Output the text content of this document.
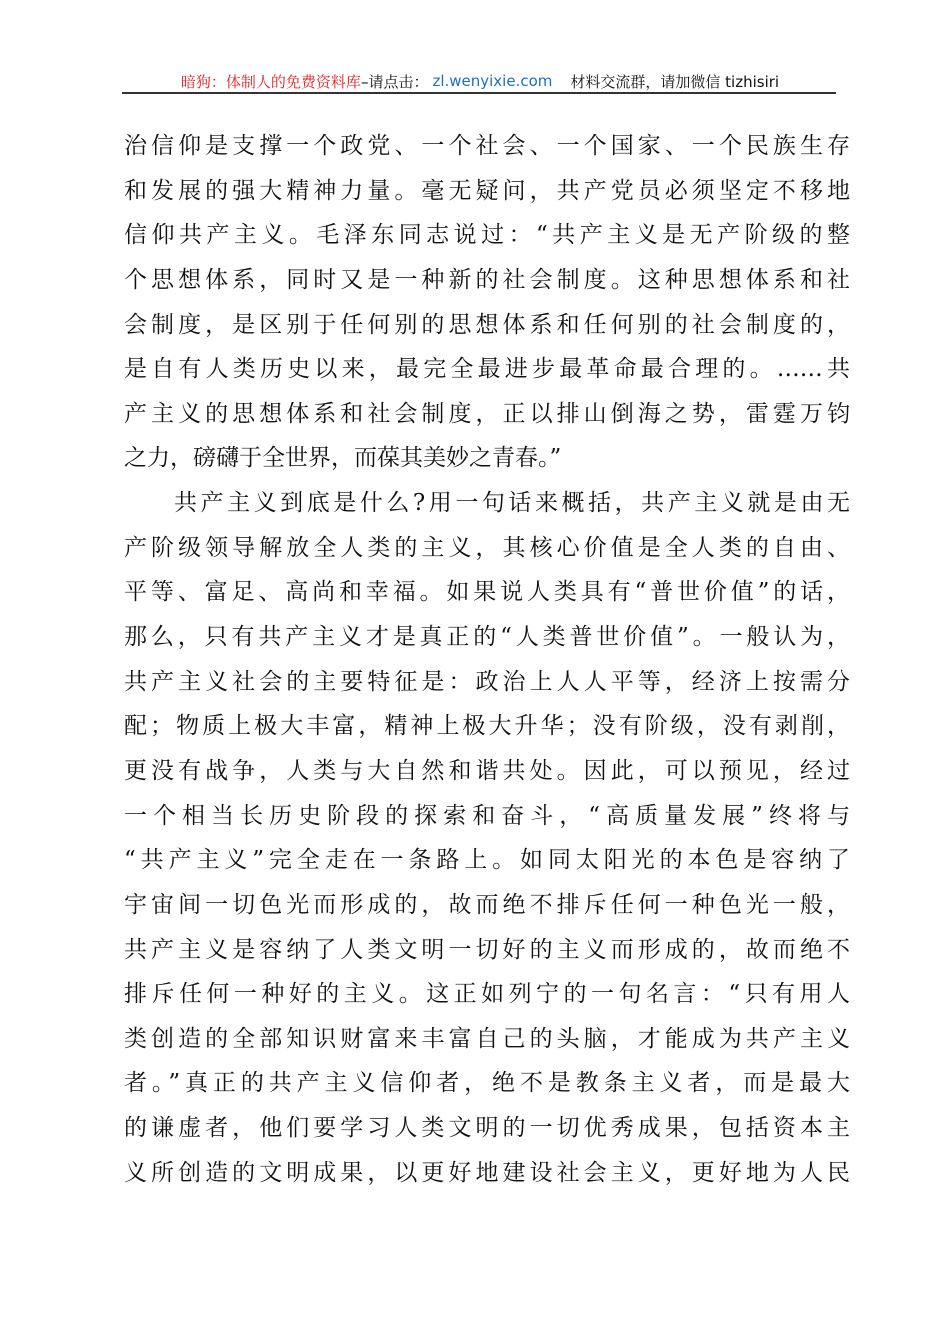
暗狗：体制人的免费资料库 –请点击： zl.wenyixie.com 材料交流群，请加微信 tizhisiri
治信仰是支撑一个政党、一个社会、一个国家、一个民族生存
和发展的强大精神力量。毫无疑问，共产党员必须坚定不移地
信仰共产主义。毛泽东同志说过：“共产主义是无产阶级的整
个思想体系，同时又是一种新的社会制度。这种思想体系和社
会制度，是区别于任何别的思想体系和任何别的社会制度的，
是自有人类历史以来，最完全最进步最革命最合理的。……共
产主义的思想体系和社会制度，正以排山倒海之势，雷霆万钧
之力，磅礴于全世界，而葆其美妙之青春。”
共产主义到底是什么?用一句话来概括，共产主义就是由无
产阶级领导解放全人类的主义，其核心价值是全人类的自由、
平等、富足、高尚和幸福。如果说人类具有“普世价值”的话，
那么，只有共产主义才是真正的“人类普世价值”。一般认为，
共产主义社会的主要特征是：政治上人人平等，经济上按需分
配；物质上极大丰富，精神上极大升华；没有阶级，没有剥削，
更没有战争，人类与大自然和谐共处。因此，可以预见，经过
一个相当长历史阶段的探索和奋斗，“高质量发展”终将与
“共产主义”完全走在一条路上。如同太阳光的本色是容纳了
宇宙间一切色光而形成的，故而绝不排斥任何一种色光一般，
共产主义是容纳了人类文明一切好的主义而形成的，故而绝不
排斥任何一种好的主义。这正如列宁的一句名言：“只有用人
类创造的全部知识财富来丰富自己的头脑，才能成为共产主义
者。”真正的共产主义信仰者，绝不是教条主义者，而是最大
的谦虚者，他们要学习人类文明的一切优秀成果，包括资本主
义所创造的文明成果，以更好地建设社会主义，更好地为人民
